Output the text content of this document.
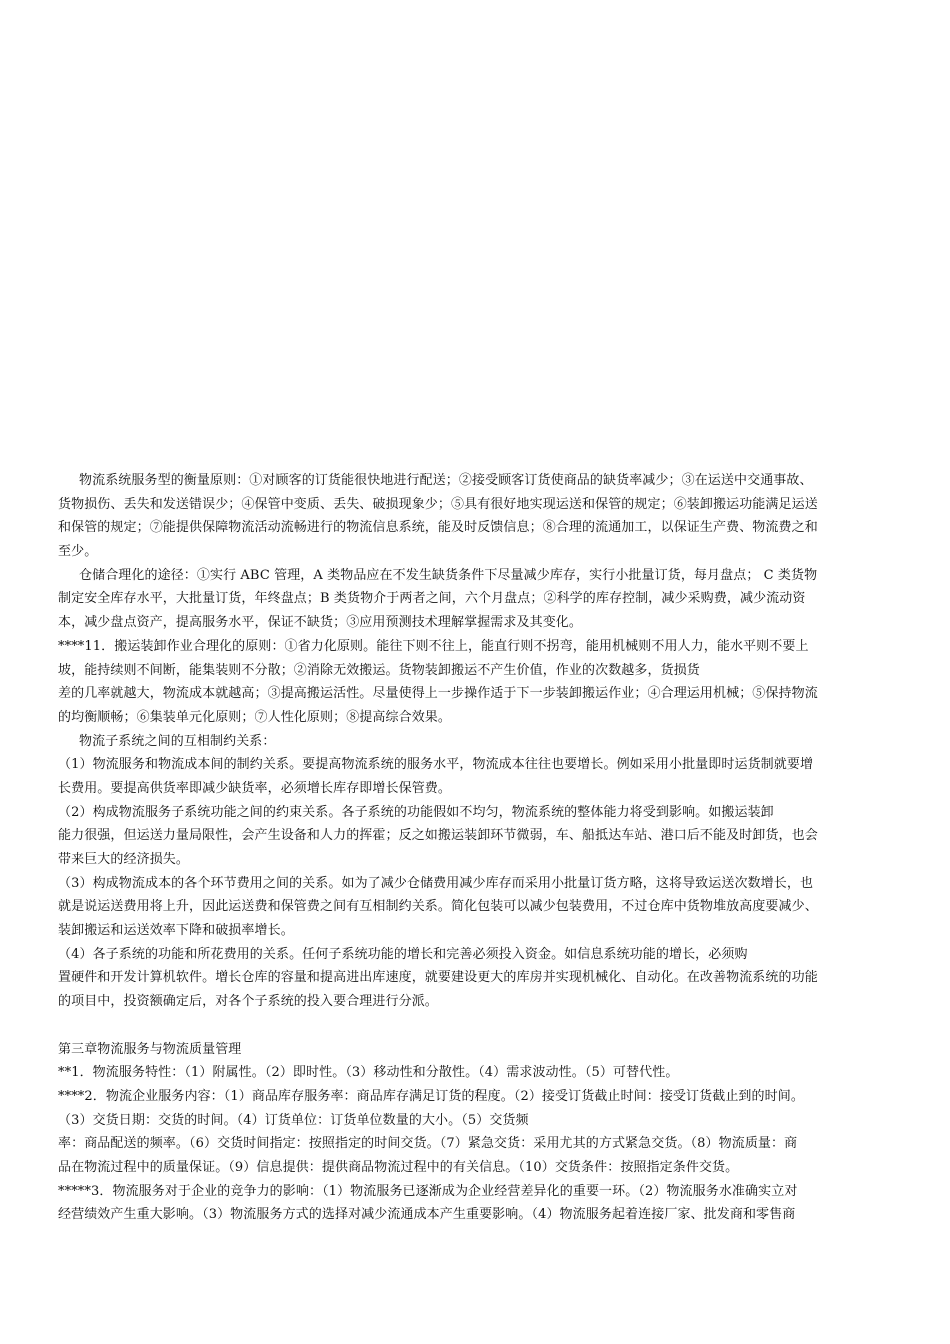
物流系统服务型的衡量原则：①对顾客的订货能很快地进行配送；②接受顾客订货使商品的缺货率减少；③在运送中交通事故、
货物损伤、丢失和发送错误少；④保管中变质、丢失、破损现象少；⑤具有很好地实现运送和保管的规定；⑥装卸搬运功能满足运送
和保管的规定；⑦能提供保障物流活动流畅进行的物流信息系统，能及时反馈信息；⑧合理的流通加工，以保证生产费、物流费之和
至少。
仓储合理化的途径：①实行 ABC 管理，A 类物品应在不发生缺货条件下尽量减少库存，实行小批量订货，每月盘点； C 类货物
制定安全库存水平，大批量订货，年终盘点；B 类货物介于两者之间，六个月盘点；②科学的库存控制，减少采购费，减少流动资
本，减少盘点资产，提高服务水平，保证不缺货；③应用预测技术理解掌握需求及其变化。
****11．搬运装卸作业合理化的原则：①省力化原则。能往下则不往上，能直行则不拐弯，能用机械则不用人力，能水平则不要上
坡，能持续则不间断，能集装则不分散；②消除无效搬运。货物装卸搬运不产生价值，作业的次数越多，货损货
差的几率就越大，物流成本就越高；③提高搬运活性。尽量使得上一步操作适于下一步装卸搬运作业；④合理运用机械；⑤保持物流
的均衡顺畅；⑥集装单元化原则；⑦人性化原则；⑧提高综合效果。
物流子系统之间的互相制约关系：
（1）物流服务和物流成本间的制约关系。要提高物流系统的服务水平，物流成本往往也要增长。例如采用小批量即时运货制就要增
长费用。要提高供货率即减少缺货率，必须增长库存即增长保管费。
（2）构成物流服务子系统功能之间的约束关系。各子系统的功能假如不均匀，物流系统的整体能力将受到影响。如搬运装卸
能力很强，但运送力量局限性，会产生设备和人力的挥霍；反之如搬运装卸环节微弱，车、船抵达车站、港口后不能及时卸货，也会
带来巨大的经济损失。
（3）构成物流成本的各个环节费用之间的关系。如为了减少仓储费用减少库存而采用小批量订货方略，这将导致运送次数增长，也
就是说运送费用将上升，因此运送费和保管费之间有互相制约关系。简化包装可以减少包装费用，不过仓库中货物堆放高度要减少、
装卸搬运和运送效率下降和破损率增长。
（4）各子系统的功能和所花费用的关系。任何子系统功能的增长和完善必须投入资金。如信息系统功能的增长，必须购
置硬件和开发计算机软件。增长仓库的容量和提高进出库速度，就要建设更大的库房并实现机械化、自动化。在改善物流系统的功能
的项目中，投资额确定后，对各个子系统的投入要合理进行分派。
第三章物流服务与物流质量管理
**1．物流服务特性：（1）附属性。（2）即时性。（3）移动性和分散性。（4）需求波动性。（5）可替代性。
****2．物流企业服务内容：（1）商品库存服务率：商品库存满足订货的程度。（2）接受订货截止时间：接受订货截止到的时间。
（3）交货日期：交货的时间。（4）订货单位：订货单位数量的大小。（5）交货频
率：商品配送的频率。（6）交货时间指定：按照指定的时间交货。（7）紧急交货：采用尤其的方式紧急交货。（8）物流质量：商
品在物流过程中的质量保证。（9）信息提供：提供商品物流过程中的有关信息。（10）交货条件：按照指定条件交货。
*****3．物流服务对于企业的竞争力的影响：（1）物流服务已逐渐成为企业经营差异化的重要一环。（2）物流服务水准确实立对
经营绩效产生重大影响。（3）物流服务方式的选择对减少流通成本产生重要影响。（4）物流服务起着连接厂家、批发商和零售商
